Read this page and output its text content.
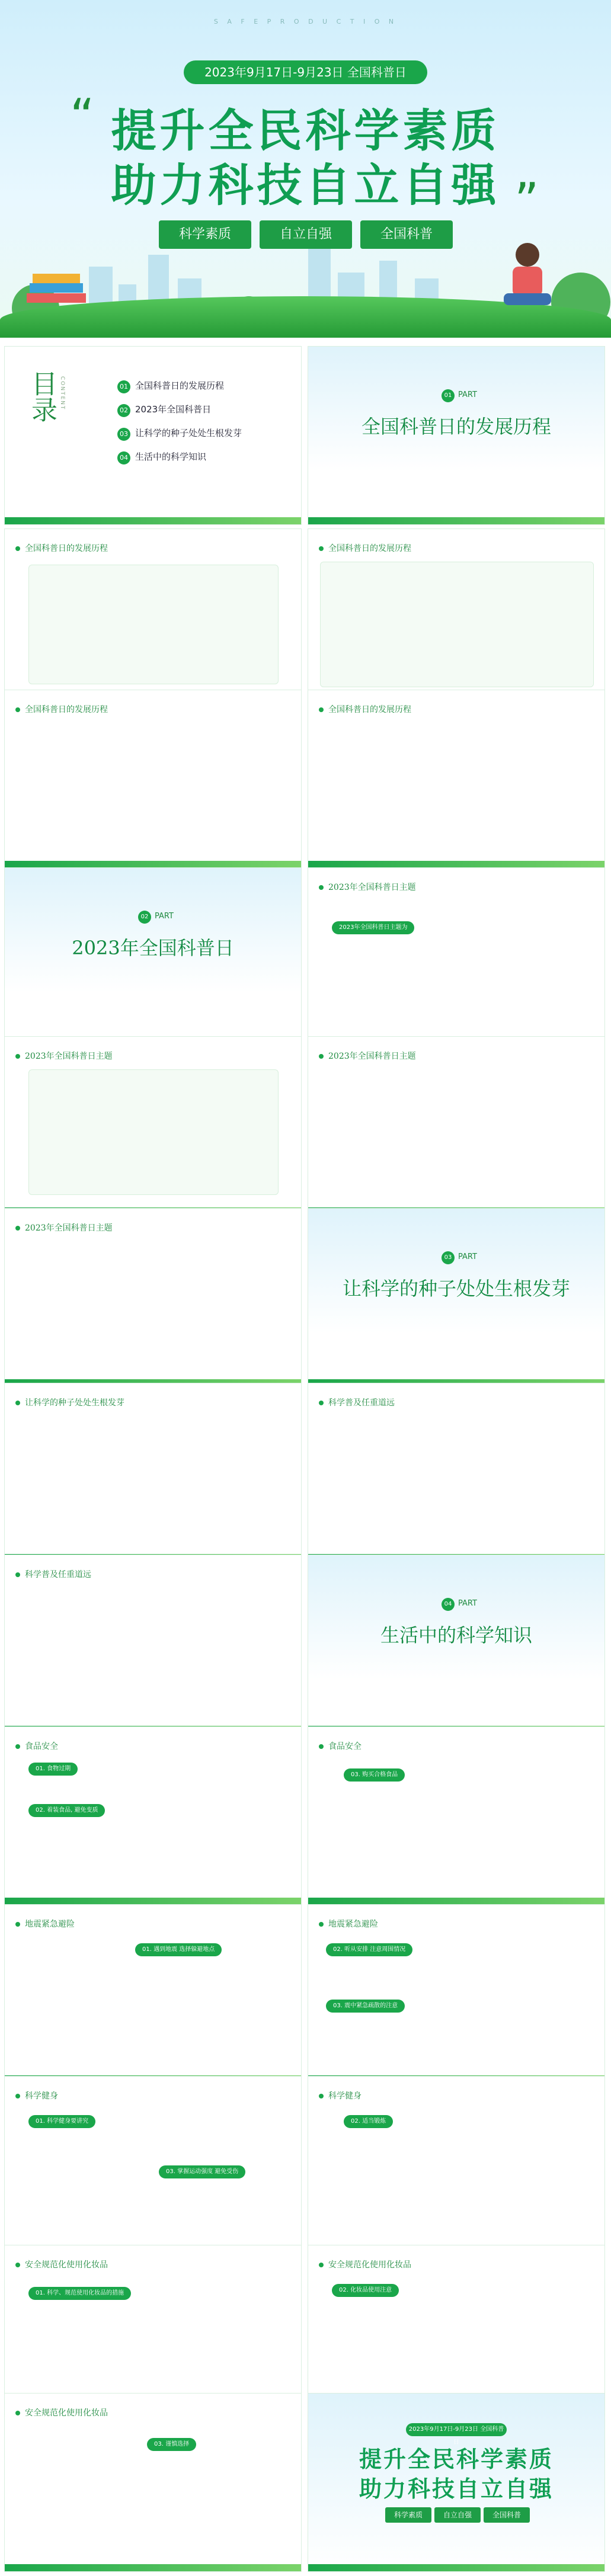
S A F E P R O D U C T I O N
2023年9月17日-9月23日 全国科普日
“ 提升全民科学素质
助力科技自立自强 ”
科学素质	自立自强	全国科普
目录 CONTENT	01 全国科普日的发展历程
02 2023年全国科普日
03 让科学的种子处处生根发芽
04 生活中的科学知识
01 PART
全国科普日的发展历程
全国科普日的发展历程	全国科普日的发展历程
全国科普日的发展历程	全国科普日的发展历程
02 PART
2023年全国科普日
2023年全国科普日主题
2023年全国科普日主题为
2023年全国科普日主题	2023年全国科普日主题
2023年全国科普日主题
03 PART
让科学的种子处处生根发芽
让科学的种子处处生根发芽	科学普及任重道远
科学普及任重道远
04 PART
生活中的科学知识
食品安全
01. 食物过期
02. 着装食品, 避免变质
食品安全
03. 购买合格食品
地震紧急避险
01. 遇到地震 选择躲避地点
地震紧急避险
02. 听从安排 注意周围情况
03. 震中紧急疏散的注意
科学健身
01. 科学健身要讲究
03. 掌握运动强度 避免受伤
科学健身
02. 适当锻炼
安全规范化使用化妆品
01. 科学、规范使用化妆品的措施
安全规范化使用化妆品
02. 化妆品使用注意
安全规范化使用化妆品
03. 谨慎选择
2023年9月17日-9月23日 全国科普日
提升全民科学素质
助力科技自立自强
科学素质	自立自强	全国科普
